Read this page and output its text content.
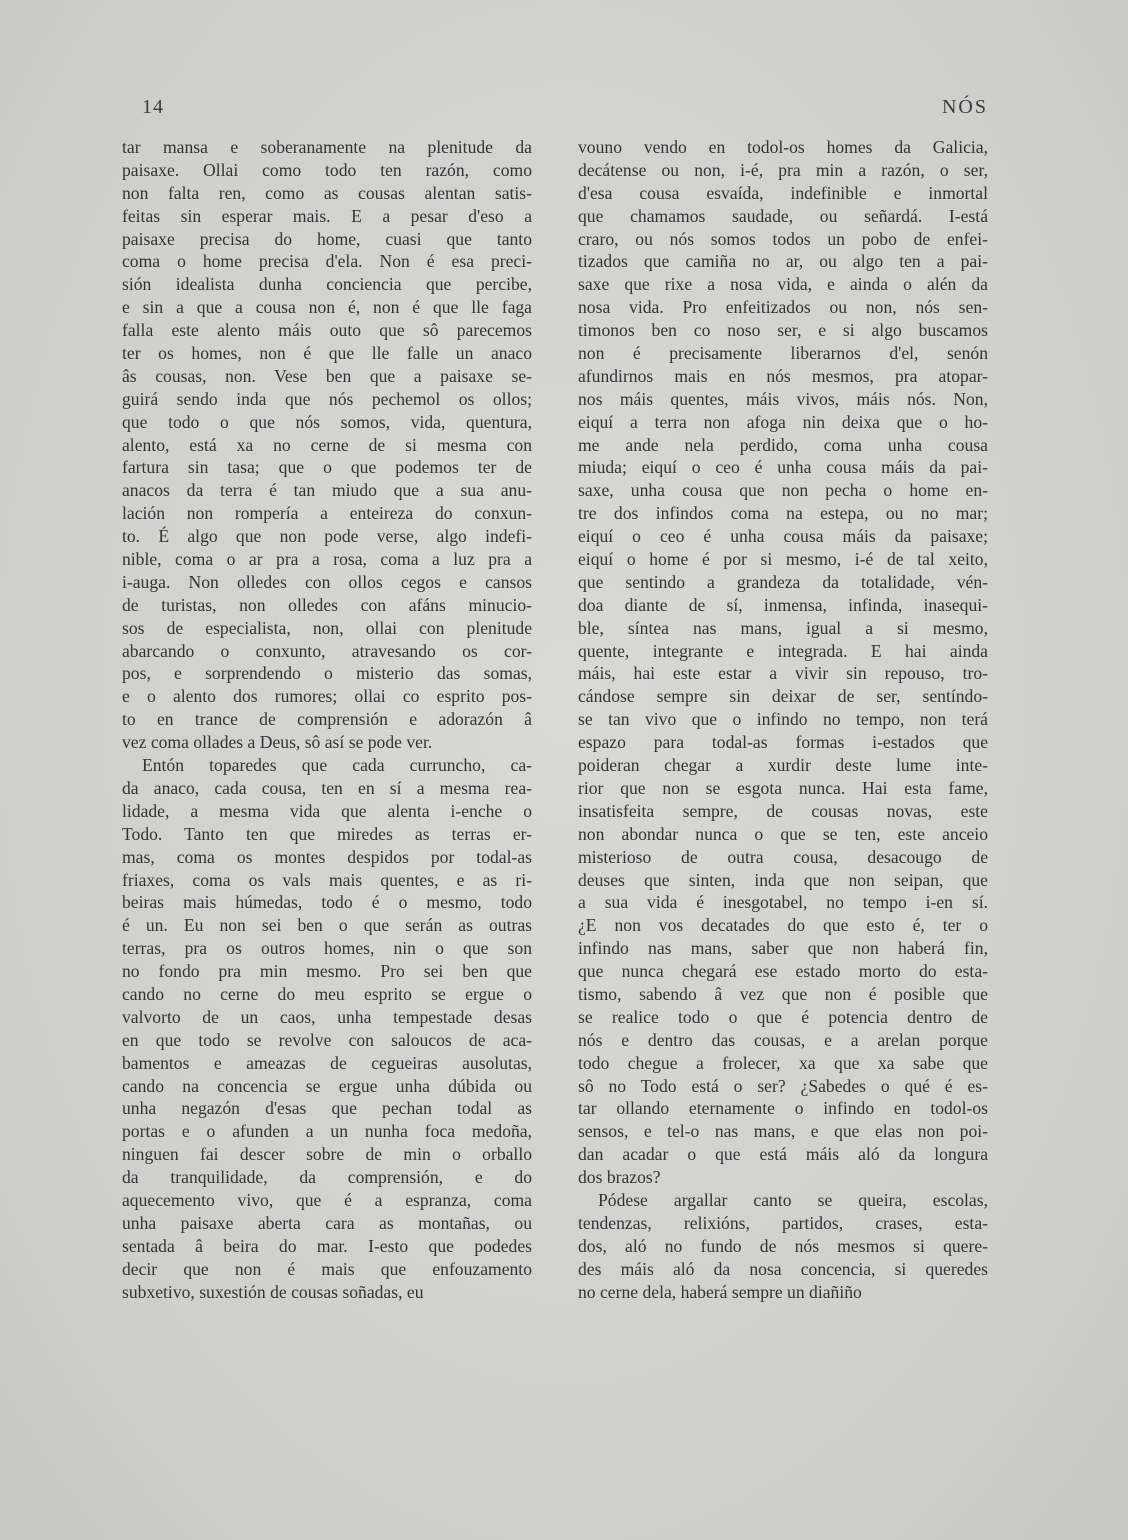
14	NÓS
tar mansa e soberanamente na plenitude da
paisaxe. Ollai como todo ten razón, como
non falta ren, como as cousas alentan satis-
feitas sin esperar mais. E a pesar d'eso a
paisaxe precisa do home, cuasi que tanto
coma o home precisa d'ela. Non é esa preci-
sión idealista dunha conciencia que percibe,
e sin a que a cousa non é, non é que lle faga
falla este alento máis outo que sô parecemos
ter os homes, non é que lle falle un anaco
âs cousas, non. Vese ben que a paisaxe se-
guirá sendo inda que nós pechemol os ollos;
que todo o que nós somos, vida, quentura,
alento, está xa no cerne de si mesma con
fartura sin tasa; que o que podemos ter de
anacos da terra é tan miudo que a sua anu-
lación non rompería a enteireza do conxun-
to. É algo que non pode verse, algo indefi-
nible, coma o ar pra a rosa, coma a luz pra a
i-auga. Non olledes con ollos cegos e cansos
de turistas, non olledes con afáns minucio-
sos de especialista, non, ollai con plenitude
abarcando o conxunto, atravesando os cor-
pos, e sorprendendo o misterio das somas,
e o alento dos rumores; ollai co esprito pos-
to en trance de comprensión e adorazón â
vez coma ollades a Deus, sô así se pode ver.
Entón toparedes que cada curruncho, ca-
da anaco, cada cousa, ten en sí a mesma rea-
lidade, a mesma vida que alenta i-enche o
Todo. Tanto ten que miredes as terras er-
mas, coma os montes despidos por todal-as
friaxes, coma os vals mais quentes, e as ri-
beiras mais húmedas, todo é o mesmo, todo
é un. Eu non sei ben o que serán as outras
terras, pra os outros homes, nin o que son
no fondo pra min mesmo. Pro sei ben que
cando no cerne do meu esprito se ergue o
valvorto de un caos, unha tempestade desas
en que todo se revolve con saloucos de aca-
bamentos e ameazas de cegueiras ausolutas,
cando na concencia se ergue unha dúbida ou
unha negazón d'esas que pechan todal as
portas e o afunden a un nunha foca medoña,
ninguen fai descer sobre de min o orballo
da tranquilidade, da comprensión, e do
aquecemento vivo, que é a espranza, coma
unha paisaxe aberta cara as montañas, ou
sentada â beira do mar. I-esto que podedes
decir que non é mais que enfouzamento
subxetivo, suxestión de cousas soñadas, eu
vouno vendo en todol-os homes da Galicia,
decátense ou non, i-é, pra min a razón, o ser,
d'esa cousa esvaída, indefinible e inmortal
que chamamos saudade, ou señardá. I-está
craro, ou nós somos todos un pobo de enfei-
tizados que camiña no ar, ou algo ten a pai-
saxe que rixe a nosa vida, e ainda o alén da
nosa vida. Pro enfeitizados ou non, nós sen-
timonos ben co noso ser, e si algo buscamos
non é precisamente liberarnos d'el, senón
afundirnos mais en nós mesmos, pra atopar-
nos máis quentes, máis vivos, máis nós. Non,
eiquí a terra non afoga nin deixa que o ho-
me ande nela perdido, coma unha cousa
miuda; eiquí o ceo é unha cousa máis da pai-
saxe, unha cousa que non pecha o home en-
tre dos infindos coma na estepa, ou no mar;
eiquí o ceo é unha cousa máis da paisaxe;
eiquí o home é por si mesmo, i-é de tal xeito,
que sentindo a grandeza da totalidade, vén-
doa diante de sí, inmensa, infinda, inasequi-
ble, síntea nas mans, igual a si mesmo,
quente, integrante e integrada. E hai ainda
máis, hai este estar a vivir sin repouso, tro-
cándose sempre sin deixar de ser, sentíndo-
se tan vivo que o infindo no tempo, non terá
espazo para todal-as formas i-estados que
poideran chegar a xurdir deste lume inte-
rior que non se esgota nunca. Hai esta fame,
insatisfeita sempre, de cousas novas, este
non abondar nunca o que se ten, este anceio
misterioso de outra cousa, desacougo de
deuses que sinten, inda que non seipan, que
a sua vida é inesgotabel, no tempo i-en sí.
¿E non vos decatades do que esto é, ter o
infindo nas mans, saber que non haberá fin,
que nunca chegará ese estado morto do esta-
tismo, sabendo â vez que non é posible que
se realice todo o que é potencia dentro de
nós e dentro das cousas, e a arelan porque
todo chegue a frolecer, xa que xa sabe que
sô no Todo está o ser? ¿Sabedes o qué é es-
tar ollando eternamente o infindo en todol-os
sensos, e tel-o nas mans, e que elas non poi-
dan acadar o que está máis aló da longura
dos brazos?
Pódese argallar canto se queira, escolas,
tendenzas, relixións, partidos, crases, esta-
dos, aló no fundo de nós mesmos si quere-
des máis aló da nosa concencia, si queredes
no cerne dela, haberá sempre un diañiño
